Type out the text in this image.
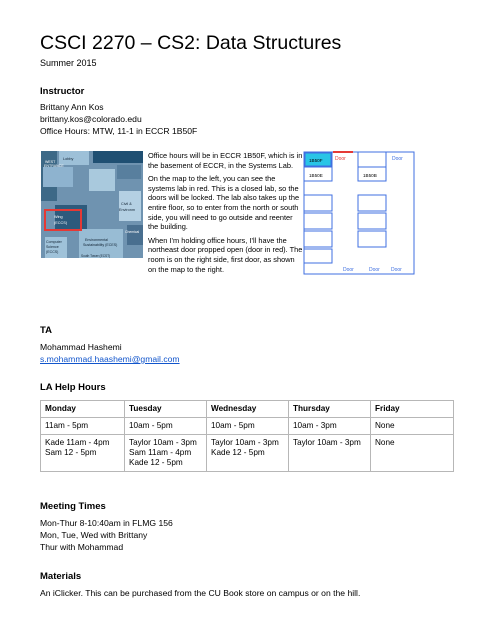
CSCI 2270 – CS2: Data Structures
Summer 2015
Instructor
Brittany Ann Kos
brittany.kos@colorado.edu
Office Hours: MTW, 11-1 in ECCR 1B50F
WEST
ENTRANCE
Lobby
Civil &
Environm
Wing
(ECCS)
Computer
Science
(ECCS)
Environmental
Sustainability (ECES)
Chemical
South Tower (ECST)

Office hours will be in ECCR 1B50F, which is in the basement of ECCR, in the Systems Lab.

On the map to the left, you can see the systems lab in red. This is a closed lab, so the doors will be locked. The lab also takes up the entire floor, so to enter from the north or south side, you will need to go outside and reenter the building.

When I’m holding office hours, I’ll have the northeast door propped open (door in red). The room is on the right side, first door, as shown on the map to the right.

1B50F
1B50E	1B50B
Door	Door
Door	Door Door
TA
Mohammad Hashemi
s.mohammad.haashemi@gmail.com
LA Help Hours
Monday	Tuesday	Wednesday	Thursday	Friday

11am - 5pm	10am - 5pm	10am - 5pm	10am - 3pm	None

Kade 11am - 4pm
Sam 12 - 5pm	Taylor 10am - 3pm
Sam 11am - 4pm
Kade 12 - 5pm	Taylor 10am - 3pm
Kade 12 - 5pm	Taylor 10am - 3pm	None
Meeting Times
Mon-Thur 8-10:40am in FLMG 156
Mon, Tue, Wed with Brittany
Thur with Mohammad
Materials
An iClicker. This can be purchased from the CU Book store on campus or on the hill.
